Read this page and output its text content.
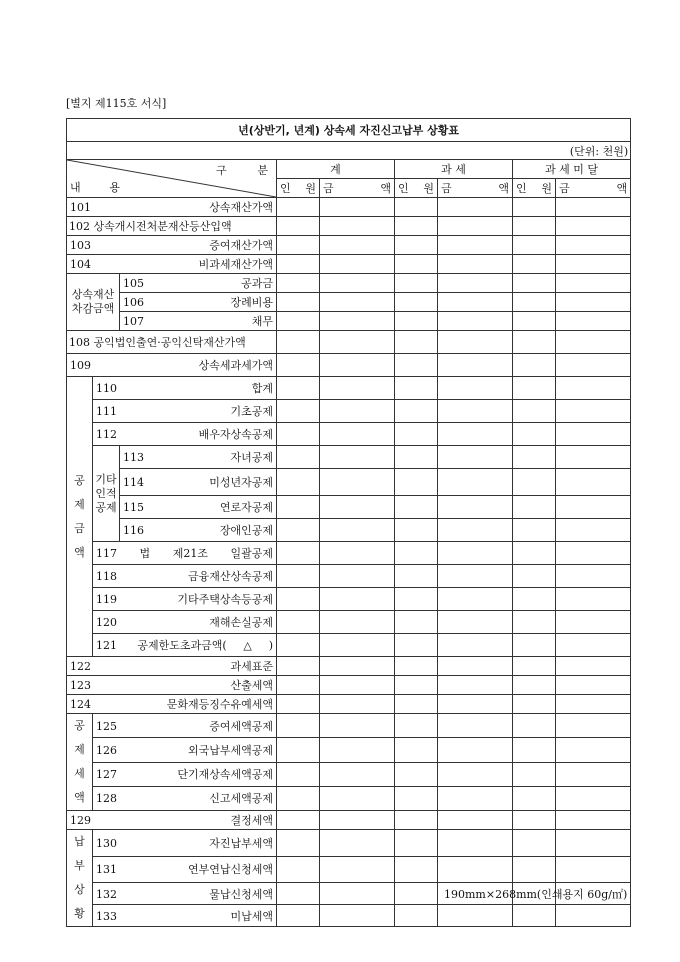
[별지 제115호 서식]
년(상반기, 년계) 상속세 자진신고납부 상황표								
(단위: 천원)								

구 분
내 용			계		과 세		과 세 미 달	
			인 원	금 액	인 원	금 액	인 원	금 액
101 상속재산가액								
102 상속개시전처분재산등산입액								
103 증여재산가액								
104 비과세재산가액								
상속재산 차감금액		105 공과금						
		106 장례비용						
		107 채무						
108 공익법인출연·공익신탁재산가액								
109 상속세과세가액								
공 제 금 액	110 합계							
	111 기초공제							
	112 배우자상속공제							
	기타 인적 공제	113 자녀공제						
		114 미성년자공제						
		115 연로자공제						
		116 장애인공제						
	117 법 제21조 일괄공제							
	118 금융재산상속공제							
	119 기타주택상속등공제							
	120 재해손실공제							
	121 공제한도초과금액(△)							
122 과세표준								
123 산출세액								
124 문화재등징수유예세액								
공 제 세 액	125 증여세액공제							
	126 외국납부세액공제							
	127 단기재상속세액공제							
	128 신고세액공제							
129 결정세액								
납 부 상 황	130 자진납부세액							
	131 연부연납신청세액							
	132 물납신청세액							
	133 미납세액							
190mm×268mm(인쇄용지 60g/㎡)
